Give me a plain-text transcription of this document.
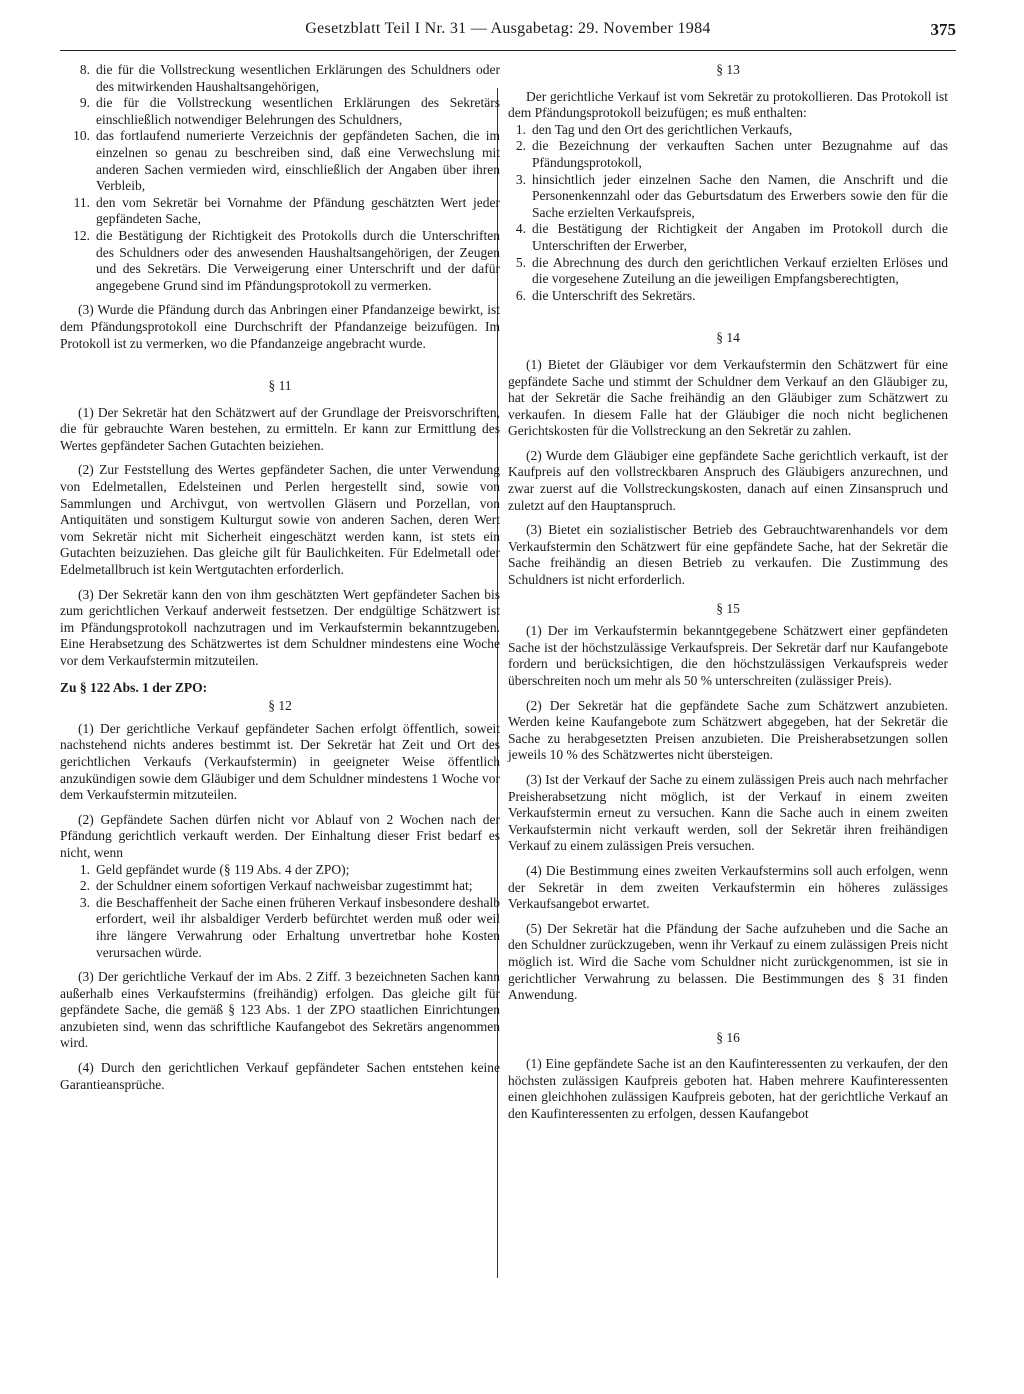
Gesetzblatt Teil I Nr. 31 — Ausgabetag: 29. November 1984	375
8. die für die Vollstreckung wesentlichen Erklärungen des Schuldners oder des mitwirkenden Haushaltsangehörigen,
9. die für die Vollstreckung wesentlichen Erklärungen des Sekretärs einschließlich notwendiger Belehrungen des Schuldners,
10. das fortlaufend numerierte Verzeichnis der gepfändeten Sachen, die im einzelnen so genau zu beschreiben sind, daß eine Verwechslung mit anderen Sachen vermieden wird, einschließlich der Angaben über ihren Verbleib,
11. den vom Sekretär bei Vornahme der Pfändung geschätzten Wert jeder gepfändeten Sache,
12. die Bestätigung der Richtigkeit des Protokolls durch die Unterschriften des Schuldners oder des anwesenden Haushaltsangehörigen, der Zeugen und des Sekretärs. Die Verweigerung einer Unterschrift und der dafür angegebene Grund sind im Pfändungsprotokoll zu vermerken.

(3) Wurde die Pfändung durch das Anbringen einer Pfandanzeige bewirkt, ist dem Pfändungsprotokoll eine Durchschrift der Pfandanzeige beizufügen. Im Protokoll ist zu vermerken, wo die Pfandanzeige angebracht wurde.

§ 11

(1) Der Sekretär hat den Schätzwert auf der Grundlage der Preisvorschriften, die für gebrauchte Waren bestehen, zu ermitteln. Er kann zur Ermittlung des Wertes gepfändeter Sachen Gutachten beiziehen.

(2) Zur Feststellung des Wertes gepfändeter Sachen, die unter Verwendung von Edelmetallen, Edelsteinen und Perlen hergestellt sind, sowie von Sammlungen und Archivgut, von wertvollen Gläsern und Porzellan, von Antiquitäten und sonstigem Kulturgut sowie von anderen Sachen, deren Wert vom Sekretär nicht mit Sicherheit eingeschätzt werden kann, ist stets ein Gutachten beizuziehen. Das gleiche gilt für Baulichkeiten. Für Edelmetall oder Edelmetallbruch ist kein Wertgutachten erforderlich.

(3) Der Sekretär kann den von ihm geschätzten Wert gepfändeter Sachen bis zum gerichtlichen Verkauf anderweit festsetzen. Der endgültige Schätzwert ist im Pfändungsprotokoll nachzutragen und im Verkaufstermin bekanntzugeben. Eine Herabsetzung des Schätzwertes ist dem Schuldner mindestens eine Woche vor dem Verkaufstermin mitzuteilen.

Zu § 122 Abs. 1 der ZPO:
§ 12

(1) Der gerichtliche Verkauf gepfändeter Sachen erfolgt öffentlich, soweit nachstehend nichts anderes bestimmt ist. Der Sekretär hat Zeit und Ort des gerichtlichen Verkaufs (Verkaufstermin) in geeigneter Weise öffentlich anzukündigen sowie dem Gläubiger und dem Schuldner mindestens 1 Woche vor dem Verkaufstermin mitzuteilen.

(2) Gepfändete Sachen dürfen nicht vor Ablauf von 2 Wochen nach der Pfändung gerichtlich verkauft werden. Der Einhaltung dieser Frist bedarf es nicht, wenn

1. Geld gepfändet wurde (§ 119 Abs. 4 der ZPO);
2. der Schuldner einem sofortigen Verkauf nachweisbar zugestimmt hat;
3. die Beschaffenheit der Sache einen früheren Verkauf insbesondere deshalb erfordert, weil ihr alsbaldiger Verderb befürchtet werden muß oder weil ihre längere Verwahrung oder Erhaltung unvertretbar hohe Kosten verursachen würde.

(3) Der gerichtliche Verkauf der im Abs. 2 Ziff. 3 bezeichneten Sachen kann außerhalb eines Verkaufstermins (freihändig) erfolgen. Das gleiche gilt für gepfändete Sache, die gemäß § 123 Abs. 1 der ZPO staatlichen Einrichtungen anzubieten sind, wenn das schriftliche Kaufangebot des Sekretärs angenommen wird.

(4) Durch den gerichtlichen Verkauf gepfändeter Sachen entstehen keine Garantieansprüche.

§ 13

Der gerichtliche Verkauf ist vom Sekretär zu protokollieren. Das Protokoll ist dem Pfändungsprotokoll beizufügen; es muß enthalten:

1. den Tag und den Ort des gerichtlichen Verkaufs,
2. die Bezeichnung der verkauften Sachen unter Bezugnahme auf das Pfändungsprotokoll,
3. hinsichtlich jeder einzelnen Sache den Namen, die Anschrift und die Personenkennzahl oder das Geburtsdatum des Erwerbers sowie den für die Sache erzielten Verkaufspreis,
4. die Bestätigung der Richtigkeit der Angaben im Protokoll durch die Unterschriften der Erwerber,
5. die Abrechnung des durch den gerichtlichen Verkauf erzielten Erlöses und die vorgesehene Zuteilung an die jeweiligen Empfangsberechtigten,
6. die Unterschrift des Sekretärs.
§ 14

(1) Bietet der Gläubiger vor dem Verkaufstermin den Schätzwert für eine gepfändete Sache und stimmt der Schuldner dem Verkauf an den Gläubiger zu, hat der Sekretär die Sache freihändig an den Gläubiger zum Schätzwert zu verkaufen. In diesem Falle hat der Gläubiger die noch nicht beglichenen Gerichtskosten für die Vollstreckung an den Sekretär zu zahlen.

(2) Wurde dem Gläubiger eine gepfändete Sache gerichtlich verkauft, ist der Kaufpreis auf den vollstreckbaren Anspruch des Gläubigers anzurechnen, und zwar zuerst auf die Vollstreckungskosten, danach auf einen Zinsanspruch und zuletzt auf den Hauptanspruch.

(3) Bietet ein sozialistischer Betrieb des Gebrauchtwarenhandels vor dem Verkaufstermin den Schätzwert für eine gepfändete Sache, hat der Sekretär die Sache freihändig an diesen Betrieb zu verkaufen. Die Zustimmung des Schuldners ist nicht erforderlich.

§ 15

(1) Der im Verkaufstermin bekanntgegebene Schätzwert einer gepfändeten Sache ist der höchstzulässige Verkaufspreis. Der Sekretär darf nur Kaufangebote fordern und berücksichtigen, die den höchstzulässigen Verkaufspreis weder überschreiten noch um mehr als 50 % unterschreiten (zulässiger Preis).

(2) Der Sekretär hat die gepfändete Sache zum Schätzwert anzubieten. Werden keine Kaufangebote zum Schätzwert abgegeben, hat der Sekretär die Sache zu herabgesetzten Preisen anzubieten. Die Preisherabsetzungen sollen jeweils 10 % des Schätzwertes nicht übersteigen.

(3) Ist der Verkauf der Sache zu einem zulässigen Preis auch nach mehrfacher Preisherabsetzung nicht möglich, ist der Verkauf in einem zweiten Verkaufstermin erneut zu versuchen. Kann die Sache auch in einem zweiten Verkaufstermin nicht verkauft werden, soll der Sekretär ihren freihändigen Verkauf zu einem zulässigen Preis versuchen.

(4) Die Bestimmung eines zweiten Verkaufstermins soll auch erfolgen, wenn der Sekretär in dem zweiten Verkaufstermin ein höheres zulässiges Verkaufsangebot erwartet.

(5) Der Sekretär hat die Pfändung der Sache aufzuheben und die Sache an den Schuldner zurückzugeben, wenn ihr Verkauf zu einem zulässigen Preis nicht möglich ist. Wird die Sache vom Schuldner nicht zurückgenommen, ist sie in gerichtlicher Verwahrung zu belassen. Die Bestimmungen des § 31 finden Anwendung.

§ 16

(1) Eine gepfändete Sache ist an den Kaufinteressenten zu verkaufen, der den höchsten zulässigen Kaufpreis geboten hat. Haben mehrere Kaufinteressenten einen gleichhohen zulässigen Kaufpreis geboten, hat der gerichtliche Verkauf an den Kaufinteressenten zu erfolgen, dessen Kaufangebot
